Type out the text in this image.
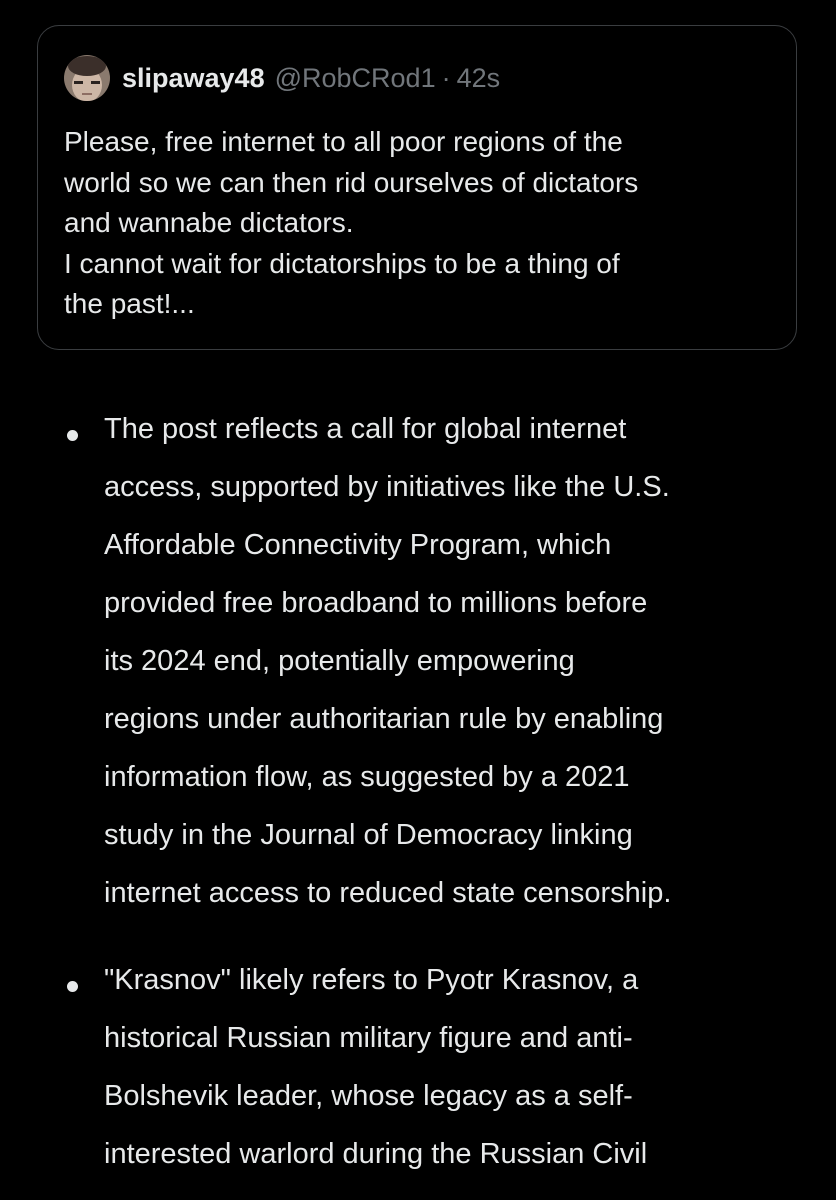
slipaway48 @RobCRod1 · 42s
Please, free internet to all poor regions of the
world so we can then rid ourselves of dictators
and wannabe dictators.
I cannot wait for dictatorships to be a thing of
the past!...
The post reflects a call for global internet
access, supported by initiatives like the U.S.
Affordable Connectivity Program, which
provided free broadband to millions before
its 2024 end, potentially empowering
regions under authoritarian rule by enabling
information flow, as suggested by a 2021
study in the Journal of Democracy linking
internet access to reduced state censorship.
"Krasnov" likely refers to Pyotr Krasnov, a
historical Russian military figure and anti-
Bolshevik leader, whose legacy as a self-
interested warlord during the Russian Civil
